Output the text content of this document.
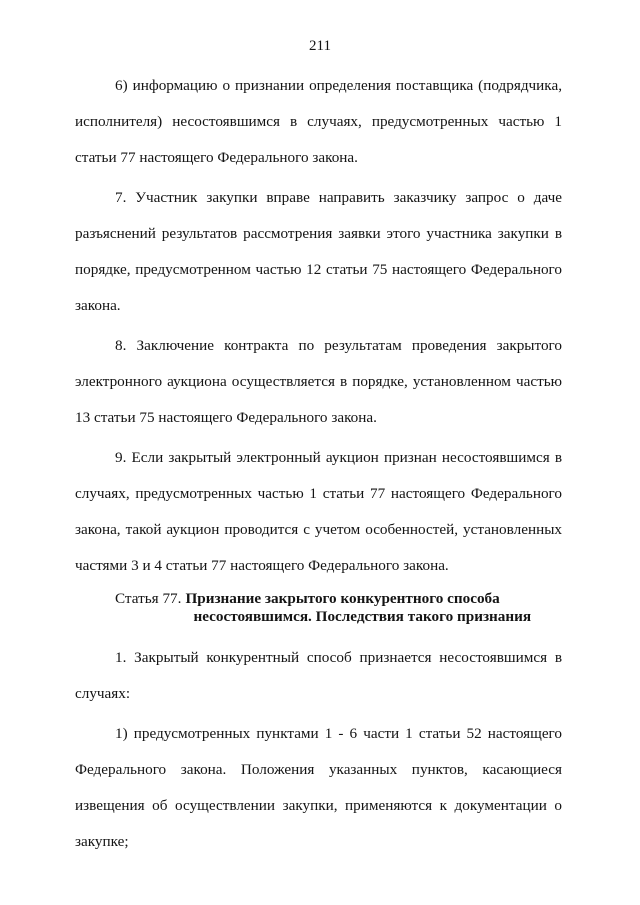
211

6) информацию о признании определения поставщика (подрядчика, исполнителя) несостоявшимся в случаях, предусмотренных частью 1 статьи 77 настоящего Федерального закона.

7. Участник закупки вправе направить заказчику запрос о даче разъяснений результатов рассмотрения заявки этого участника закупки в порядке, предусмотренном частью 12 статьи 75 настоящего Федерального закона.

8. Заключение контракта по результатам проведения закрытого электронного аукциона осуществляется в порядке, установленном частью 13 статьи 75 настоящего Федерального закона.

9. Если закрытый электронный аукцион признан несостоявшимся в случаях, предусмотренных частью 1 статьи 77 настоящего Федерального закона, такой аукцион проводится с учетом особенностей, установленных частями 3 и 4 статьи 77 настоящего Федерального закона.

Статья 77. Признание закрытого конкурентного способа
несостоявшимся. Последствия такого признания

1. Закрытый конкурентный способ признается несостоявшимся в случаях:

1) предусмотренных пунктами 1 - 6 части 1 статьи 52 настоящего Федерального закона. Положения указанных пунктов, касающиеся извещения об осуществлении закупки, применяются к документации о закупке;
